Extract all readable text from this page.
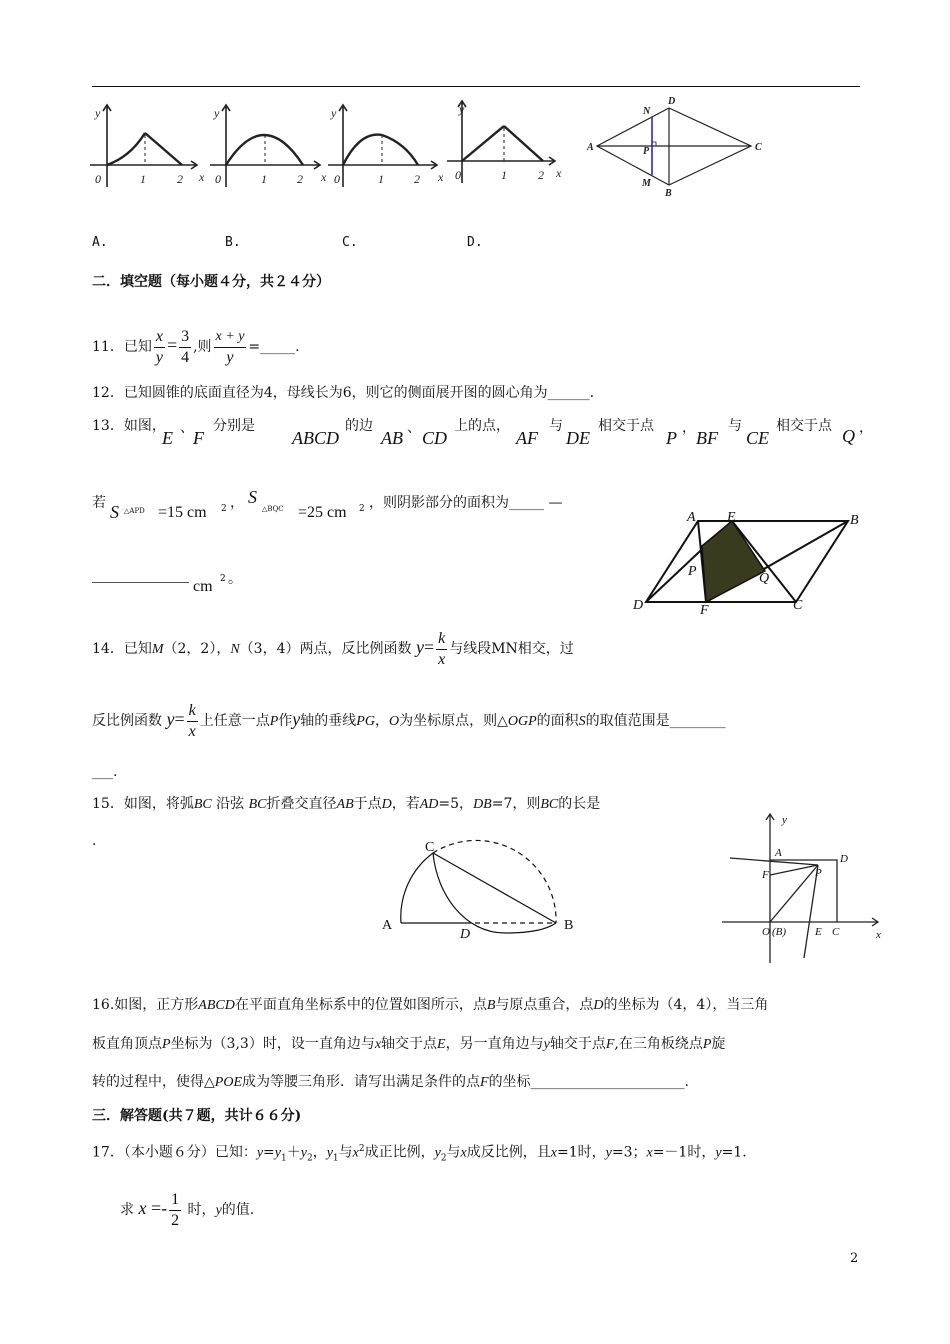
y
x
0	1	2
y
x
0	1	2
y
x
0	1	2
y
x
0	1	2
N
D
A	P	C
M
B
A.	B.	C.	D.
二．填空题（每小题４分，共２４分）
11．已知 $\frac{x}{y} = \frac{3}{4}$ ,则 $\frac{x + y}{y}$ =_____.
12．已知圆锥的底面直径为4，母线长为6，则它的侧面展开图的圆心角为______.
13．如图，
E 、 F
分别是
ABCD
的边
AB 、 CD
上的点，
AF
与
DE
相交于点
P ， BF
与
CE
相交于点 Q ，
若 S △APD =15 cm 2 ， S
△BQC =25 cm 2 ，则阴影部分的面积为_____ —
cm 2 。
A E	B
P	Q
D	F	C
14．已知M（2，2），N（3，4）两点，反比例函数 $y= \frac{k}{x}$ 与线段MN相交，过
反比例函数 $y= \frac{k}{x}$ 上任意一点P作y轴的垂线PG，O为坐标原点，则△OGP的面积S的取值范围是________
___.
15．如图，将弧BC 沿弦 BC折叠交直径AB于点D，若AD=5，DB=7，则BC的长是
.	C
A
D
B
y
A	D
F	P
O (B)	E C	x
16.如图，正方形ABCD在平面直角坐标系中的位置如图所示，点B与原点重合，点D的坐标为（4，4），当三角
板直角顶点P坐标为（3,3）时，设一直角边与x轴交于点E，另一直角边与y轴交于点F,在三角板绕点P旋
转的过程中，使得△POE成为等腰三角形．请写出满足条件的点F的坐标______________________.
三．解答题(共７题，共计６６分)
17．（本小题６分）已知：$y=y_1+y_2$，$y_1$与$x^2$成正比例，$y_2$与x成反比例，且x=1时，y=3；x=－1时，y=1.
求 $x =- \frac{1}{2}$ 时，y的值.
2
